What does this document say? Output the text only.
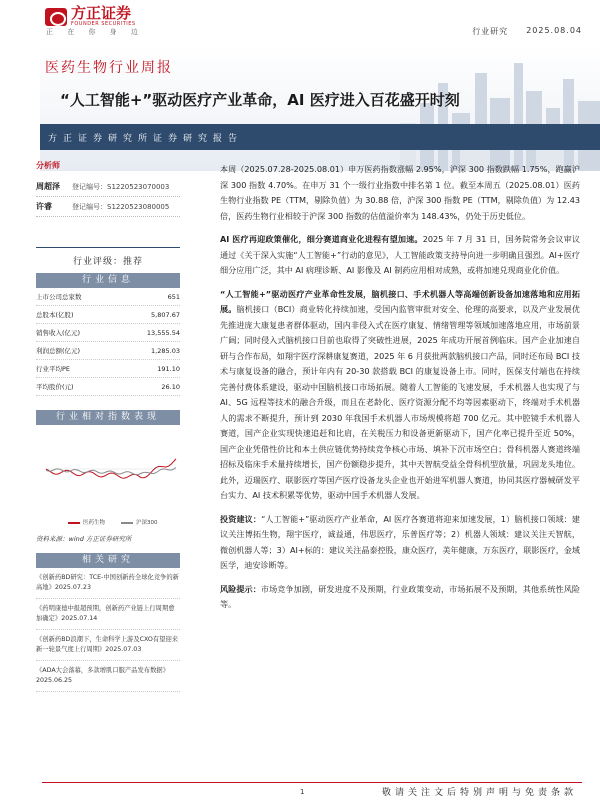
方正证券
FOUNDER SECURITIES
正 在 你 身 边	行业研究 2025.08.04
医药生物行业周报
“人工智能+”驱动医疗产业革命，AI 医疗进入百花盛开时刻
方正证券研究所证券研究报告
分析师
周超泽	登记编号：S1220523070003
许睿	登记编号：S1220523080005
行业评级：推荐
行业信息
上市公司总家数	651
总股本(亿股)	5,807.67
销售收入(亿元)	13,555.54
利润总额(亿元)	1,285.03
行业平均PE	191.10
平均股价(元)	26.10
行业相对指数表现
医药生物	沪深300
资料来源：wind 方正证券研究所
相关研究
《创新药BD研究：TCE-中国创新药全球化竞争的新高地》2025.07.23
《药明康德中报超预期，创新药产业链上行周期愈加确定》2025.07.14
《创新药BD浪潮下，生命科学上游及CXO有望迎来新一轮景气度上行周期》2025.07.03
《ADA大会落幕，多款增肌口服产品发布数据》2025.06.25

本周（2025.07.28-2025.08.01）申万医药指数涨幅 2.95%，沪深 300 指数跌幅 1.75%，跑赢沪深 300 指数 4.70%。在申万 31 个一级行业指数中排名第 1 位。截至本周五（2025.08.01）医药生物行业指数 PE（TTM，剔除负值）为 30.88 倍，沪深 300 指数 PE（TTM，剔除负值）为 12.43 倍，医药生物行业相较于沪深 300 指数的估值溢价率为 148.43%，仍处于历史低位。

AI 医疗再迎政策催化，细分赛道商业化进程有望加速。2025 年 7 月 31 日，国务院常务会议审议通过《关于深入实施“人工智能+”行动的意见》，人工智能政策支持导向进一步明确且强烈。AI+医疗细分应用广泛，其中 AI 病理诊断、AI 影像及 AI 制药应用相对成熟，或将加速兑现商业化价值。

“人工智能+”驱动医疗产业革命性发展，脑机接口、手术机器人等高端创新设备加速落地和应用拓展。脑机接口（BCI）商业转化持续加速，受国内监管审批对安全、伦理的高要求，以及产业发展优先推进庞大康复患者群体驱动，国内非侵入式在医疗康复、情绪管理等领域加速落地应用，市场前景广阔；同时侵入式脑机接口目前也取得了突破性进展，2025 年成功开展首例临床。国产企业加速自研与合作布局，如翔宇医疗深耕康复赛道，2025 年 6 月获批两款脑机接口产品，同时还布局 BCI 技术与康复设备的融合，预计年内有 20-30 款搭载 BCI 的康复设备上市。同时，医保支付端也在持续完善付费体系建设，驱动中国脑机接口市场拓展。随着人工智能的飞速发展，手术机器人也实现了与 AI、5G 远程等技术的融合升级，而且在老龄化、医疗资源分配不均等因素驱动下，终端对手术机器人的需求不断提升，预计到 2030 年我国手术机器人市场规模将超 700 亿元。其中腔镜手术机器人赛道，国产企业实现快速追赶和比肩，在关税压力和设备更新驱动下，国产化率已提升至近 50%，国产企业凭借性价比和本土供应链优势持续竞争核心市场、填补下沉市场空白；骨科机器人赛道终端招标及临床手术量持续增长，国产份额稳步提升，其中天智航受益全骨科机型放量，巩固龙头地位。此外，迈瑞医疗、联影医疗等国产医疗设备龙头企业也开始进军机器人赛道，协同其医疗器械研发平台实力、AI 技术积累等优势，驱动中国手术机器人发展。

投资建议：“人工智能+”驱动医疗产业革命，AI 医疗各赛道将迎来加速发展，1）脑机接口领域：建议关注博拓生物，翔宇医疗，诚益通，伟思医疗，乐普医疗等；2）机器人领域：建议关注天智航，微创机器人等；3）AI+标的：建议关注晶泰控股，康众医疗，美年健康，万东医疗，联影医疗，金域医学，迪安诊断等。

风险提示：市场竞争加剧，研发进度不及预期，行业政策变动，市场拓展不及预期，其他系统性风险等。

1	敬请关注文后特别声明与免责条款
